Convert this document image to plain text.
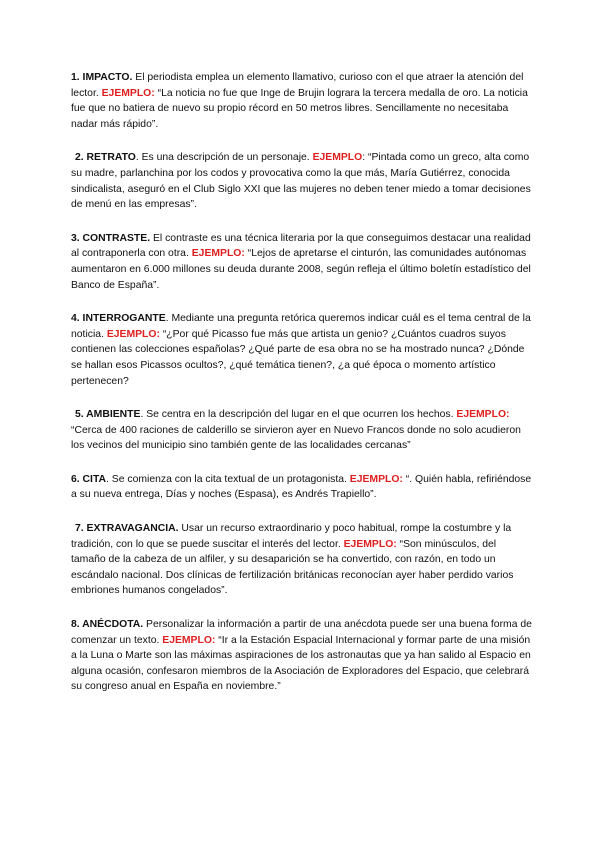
1. IMPACTO. El periodista emplea un elemento llamativo, curioso con el que atraer la atención del lector. EJEMPLO: “La noticia no fue que Inge de Brujin lograra la tercera medalla de oro. La noticia fue que no batiera de nuevo su propio récord en 50 metros libres. Sencillamente no necesitaba nadar más rápido”.

2. RETRATO. Es una descripción de un personaje. EJEMPLO: “Pintada como un greco, alta como su madre, parlanchina por los codos y provocativa como la que más, María Gutiérrez, conocida sindicalista, aseguró en el Club Siglo XXI que las mujeres no deben tener miedo a tomar decisiones de menú en las empresas”.

3. CONTRASTE. El contraste es una técnica literaria por la que conseguimos destacar una realidad al contraponerla con otra. EJEMPLO: “Lejos de apretarse el cinturón, las comunidades autónomas aumentaron en 6.000 millones su deuda durante 2008, según refleja el último boletín estadístico del Banco de España”.

4. INTERROGANTE. Mediante una pregunta retórica queremos indicar cuál es el tema central de la noticia. EJEMPLO: “¿Por qué Picasso fue más que artista un genio? ¿Cuántos cuadros suyos contienen las colecciones españolas? ¿Qué parte de esa obra no se ha mostrado nunca? ¿Dónde se hallan esos Picassos ocultos?, ¿qué temática tienen?, ¿a qué época o momento artístico pertenecen?

5. AMBIENTE. Se centra en la descripción del lugar en el que ocurren los hechos. EJEMPLO: “Cerca de 400 raciones de calderillo se sirvieron ayer en Nuevo Francos donde no solo acudieron los vecinos del municipio sino también gente de las localidades cercanas”

6. CITA. Se comienza con la cita textual de un protagonista. EJEMPLO: “. Quién habla, refiriéndose a su nueva entrega, Días y noches (Espasa), es Andrés Trapiello”.

7. EXTRAVAGANCIA. Usar un recurso extraordinario y poco habitual, rompe la costumbre y la tradición, con lo que se puede suscitar el interés del lector. EJEMPLO: “Son minúsculos, del tamaño de la cabeza de un alfiler, y su desaparición se ha convertido, con razón, en todo un escándalo nacional. Dos clínicas de fertilización británicas reconocían ayer haber perdido varios embriones humanos congelados”.

8. ANÉCDOTA. Personalizar la información a partir de una anécdota puede ser una buena forma de comenzar un texto. EJEMPLO: “Ir a la Estación Espacial Internacional y formar parte de una misión a la Luna o Marte son las máximas aspiraciones de los astronautas que ya han salido al Espacio en alguna ocasión, confesaron miembros de la Asociación de Exploradores del Espacio, que celebrará su congreso anual en España en noviembre.”
